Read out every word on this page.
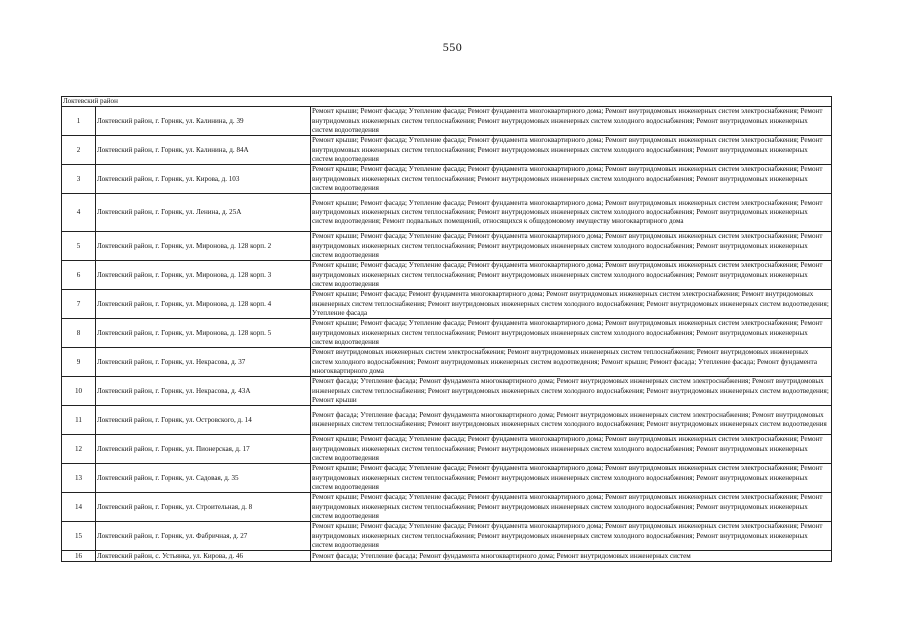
550
Локтевский район		
1	Локтевский район, г. Горняк, ул. Калинина, д. 39	Ремонт крыши; Ремонт фасада; Утепление фасада; Ремонт фундамента многоквартирного дома; Ремонт внутридомовых инженерных систем электроснабжения; Ремонт внутридомовых инженерных систем теплоснабжения; Ремонт внутридомовых инженерных систем холодного водоснабжения; Ремонт внутридомовых инженерных систем водоотведения
2	Локтевский район, г. Горняк, ул. Калинина, д. 84А	Ремонт крыши; Ремонт фасада; Утепление фасада; Ремонт фундамента многоквартирного дома; Ремонт внутридомовых инженерных систем электроснабжения; Ремонт внутридомовых инженерных систем теплоснабжения; Ремонт внутридомовых инженерных систем холодного водоснабжения; Ремонт внутридомовых инженерных систем водоотведения
3	Локтевский район, г. Горняк, ул. Кирова, д. 103	Ремонт крыши; Ремонт фасада; Утепление фасада; Ремонт фундамента многоквартирного дома; Ремонт внутридомовых инженерных систем электроснабжения; Ремонт внутридомовых инженерных систем теплоснабжения; Ремонт внутридомовых инженерных систем холодного водоснабжения; Ремонт внутридомовых инженерных систем водоотведения
4	Локтевский район, г. Горняк, ул. Ленина, д. 25А	Ремонт крыши; Ремонт фасада; Утепление фасада; Ремонт фундамента многоквартирного дома; Ремонт внутридомовых инженерных систем электроснабжения; Ремонт внутридомовых инженерных систем теплоснабжения; Ремонт внутридомовых инженерных систем холодного водоснабжения; Ремонт внутридомовых инженерных систем водоотведения; Ремонт подвальных помещений, относящихся к общедомовому имуществу многоквартирного дома
5	Локтевский район, г. Горняк, ул. Миронова, д. 128 корп. 2	Ремонт крыши; Ремонт фасада; Утепление фасада; Ремонт фундамента многоквартирного дома; Ремонт внутридомовых инженерных систем электроснабжения; Ремонт внутридомовых инженерных систем теплоснабжения; Ремонт внутридомовых инженерных систем холодного водоснабжения; Ремонт внутридомовых инженерных систем водоотведения
6	Локтевский район, г. Горняк, ул. Миронова, д. 128 корп. 3	Ремонт крыши; Ремонт фасада; Утепление фасада; Ремонт фундамента многоквартирного дома; Ремонт внутридомовых инженерных систем электроснабжения; Ремонт внутридомовых инженерных систем теплоснабжения; Ремонт внутридомовых инженерных систем холодного водоснабжения; Ремонт внутридомовых инженерных систем водоотведения
7	Локтевский район, г. Горняк, ул. Миронова, д. 128 корп. 4	Ремонт крыши; Ремонт фасада; Ремонт фундамента многоквартирного дома; Ремонт внутридомовых инженерных систем электроснабжения; Ремонт внутридомовых инженерных систем теплоснабжения; Ремонт внутридомовых инженерных систем холодного водоснабжения; Ремонт внутридомовых инженерных систем водоотведения; Утепление фасада
8	Локтевский район, г. Горняк, ул. Миронова, д. 128 корп. 5	Ремонт крыши; Ремонт фасада; Утепление фасада; Ремонт фундамента многоквартирного дома; Ремонт внутридомовых инженерных систем электроснабжения; Ремонт внутридомовых инженерных систем теплоснабжения; Ремонт внутридомовых инженерных систем холодного водоснабжения; Ремонт внутридомовых инженерных систем водоотведения
9	Локтевский район, г. Горняк, ул. Некрасова, д. 37	Ремонт внутридомовых инженерных систем электроснабжения; Ремонт внутридомовых инженерных систем теплоснабжения; Ремонт внутридомовых инженерных систем холодного водоснабжения; Ремонт внутридомовых инженерных систем водоотведения; Ремонт крыши; Ремонт фасада; Утепление фасада; Ремонт фундамента многоквартирного дома
10	Локтевский район, г. Горняк, ул. Некрасова, д. 43А	Ремонт фасада; Утепление фасада; Ремонт фундамента многоквартирного дома; Ремонт внутридомовых инженерных систем электроснабжения; Ремонт внутридомовых инженерных систем теплоснабжения; Ремонт внутридомовых инженерных систем холодного водоснабжения; Ремонт внутридомовых инженерных систем водоотведения; Ремонт крыши
11	Локтевский район, г. Горняк, ул. Островского, д. 14	Ремонт фасада; Утепление фасада; Ремонт фундамента многоквартирного дома; Ремонт внутридомовых инженерных систем электроснабжения; Ремонт внутридомовых инженерных систем теплоснабжения; Ремонт внутридомовых инженерных систем холодного водоснабжения; Ремонт внутридомовых инженерных систем водоотведения
12	Локтевский район, г. Горняк, ул. Пионерская, д. 17	Ремонт крыши; Ремонт фасада; Утепление фасада; Ремонт фундамента многоквартирного дома; Ремонт внутридомовых инженерных систем электроснабжения; Ремонт внутридомовых инженерных систем теплоснабжения; Ремонт внутридомовых инженерных систем холодного водоснабжения; Ремонт внутридомовых инженерных систем водоотведения
13	Локтевский район, г. Горняк, ул. Садовая, д. 35	Ремонт крыши; Ремонт фасада; Утепление фасада; Ремонт фундамента многоквартирного дома; Ремонт внутридомовых инженерных систем электроснабжения; Ремонт внутридомовых инженерных систем теплоснабжения; Ремонт внутридомовых инженерных систем холодного водоснабжения; Ремонт внутридомовых инженерных систем водоотведения
14	Локтевский район, г. Горняк, ул. Строительная, д. 8	Ремонт крыши; Ремонт фасада; Утепление фасада; Ремонт фундамента многоквартирного дома; Ремонт внутридомовых инженерных систем электроснабжения; Ремонт внутридомовых инженерных систем теплоснабжения; Ремонт внутридомовых инженерных систем холодного водоснабжения; Ремонт внутридомовых инженерных систем водоотведения
15	Локтевский район, г. Горняк, ул. Фабричная, д. 27	Ремонт крыши; Ремонт фасада; Утепление фасада; Ремонт фундамента многоквартирного дома; Ремонт внутридомовых инженерных систем электроснабжения; Ремонт внутридомовых инженерных систем теплоснабжения; Ремонт внутридомовых инженерных систем холодного водоснабжения; Ремонт внутридомовых инженерных систем водоотведения
16	Локтевский район, с. Устьянка, ул. Кирова, д. 46	Ремонт фасада; Утепление фасада; Ремонт фундамента многоквартирного дома; Ремонт внутридомовых инженерных систем
